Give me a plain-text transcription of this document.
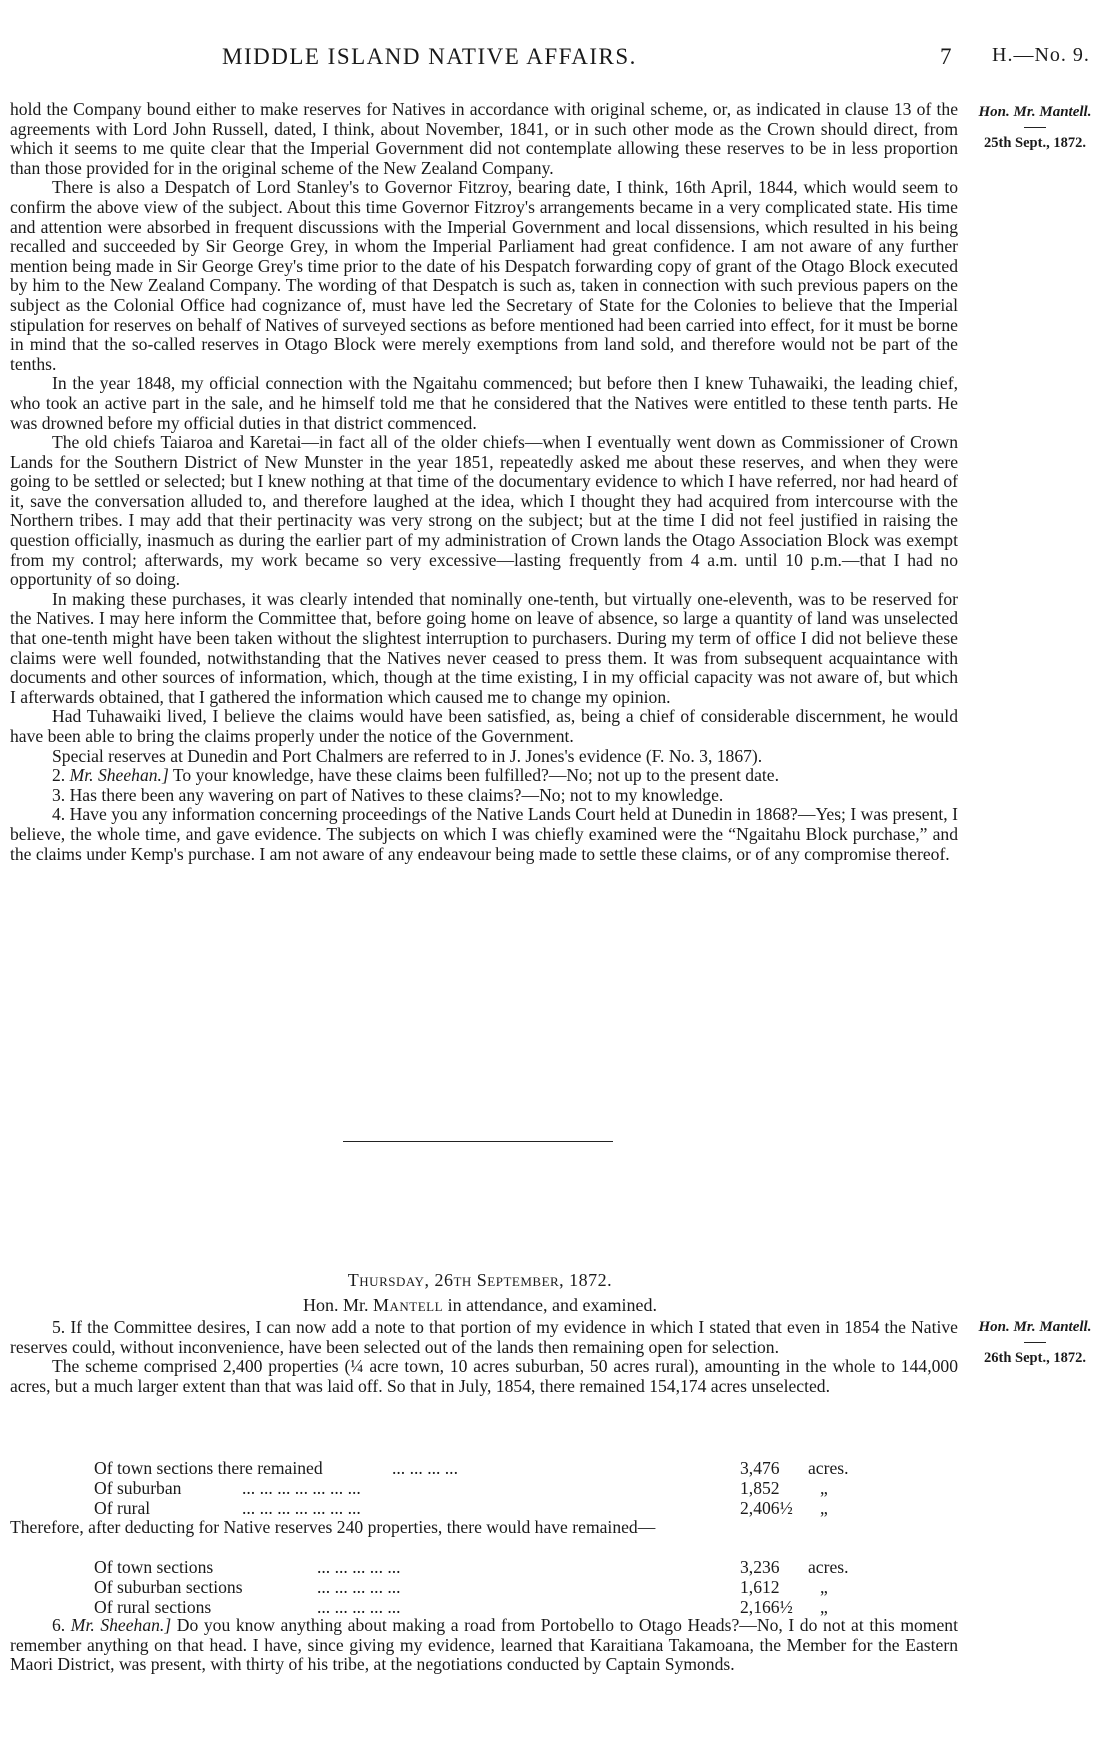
MIDDLE ISLAND NATIVE AFFAIRS.	7 H.—No. 9.
Hon. Mr. Mantell.
25th Sept., 1872.

hold the Company bound either to make reserves for Natives in accordance with original scheme, or, as indicated in clause 13 of the agreements with Lord John Russell, dated, I think, about November, 1841, or in such other mode as the Crown should direct, from which it seems to me quite clear that the Imperial Government did not contemplate allowing these reserves to be in less proportion than those provided for in the original scheme of the New Zealand Company.

There is also a Despatch of Lord Stanley's to Governor Fitzroy, bearing date, I think, 16th April, 1844, which would seem to confirm the above view of the subject. About this time Governor Fitzroy's arrangements became in a very complicated state. His time and attention were absorbed in frequent discussions with the Imperial Government and local dissensions, which resulted in his being recalled and succeeded by Sir George Grey, in whom the Imperial Parliament had great confidence. I am not aware of any further mention being made in Sir George Grey's time prior to the date of his Despatch forwarding copy of grant of the Otago Block executed by him to the New Zealand Company. The wording of that Despatch is such as, taken in connection with such previous papers on the subject as the Colonial Office had cognizance of, must have led the Secretary of State for the Colonies to believe that the Imperial stipulation for reserves on behalf of Natives of surveyed sections as before mentioned had been carried into effect, for it must be borne in mind that the so-called reserves in Otago Block were merely exemptions from land sold, and therefore would not be part of the tenths.

In the year 1848, my official connection with the Ngaitahu commenced; but before then I knew Tuhawaiki, the leading chief, who took an active part in the sale, and he himself told me that he considered that the Natives were entitled to these tenth parts. He was drowned before my official duties in that district commenced.

The old chiefs Taiaroa and Karetai—in fact all of the older chiefs—when I eventually went down as Commissioner of Crown Lands for the Southern District of New Munster in the year 1851, repeatedly asked me about these reserves, and when they were going to be settled or selected; but I knew nothing at that time of the documentary evidence to which I have referred, nor had heard of it, save the conversation alluded to, and therefore laughed at the idea, which I thought they had acquired from intercourse with the Northern tribes. I may add that their pertinacity was very strong on the subject; but at the time I did not feel justified in raising the question officially, inasmuch as during the earlier part of my administration of Crown lands the Otago Association Block was exempt from my control; afterwards, my work became so very excessive—lasting frequently from 4 a.m. until 10 p.m.—that I had no opportunity of so doing.

In making these purchases, it was clearly intended that nominally one-tenth, but virtually one-eleventh, was to be reserved for the Natives. I may here inform the Committee that, before going home on leave of absence, so large a quantity of land was unselected that one-tenth might have been taken without the slightest interruption to purchasers. During my term of office I did not believe these claims were well founded, notwithstanding that the Natives never ceased to press them. It was from subsequent acquaintance with documents and other sources of information, which, though at the time existing, I in my official capacity was not aware of, but which I afterwards obtained, that I gathered the information which caused me to change my opinion.

Had Tuhawaiki lived, I believe the claims would have been satisfied, as, being a chief of considerable discernment, he would have been able to bring the claims properly under the notice of the Government.

Special reserves at Dunedin and Port Chalmers are referred to in J. Jones's evidence (F. No. 3, 1867).

2. Mr. Sheehan.] To your knowledge, have these claims been fulfilled?—No; not up to the present date.

3. Has there been any wavering on part of Natives to these claims?—No; not to my knowledge.

4. Have you any information concerning proceedings of the Native Lands Court held at Dunedin in 1868?—Yes; I was present, I believe, the whole time, and gave evidence. The subjects on which I was chiefly examined were the “Ngaitahu Block purchase,” and the claims under Kemp's purchase. I am not aware of any endeavour being made to settle these claims, or of any compromise thereof.

Thursday, 26th September, 1872.
Hon. Mr. Mantell in attendance, and examined.
Hon. Mr. Mantell.
26th Sept., 1872.

5. If the Committee desires, I can now add a note to that portion of my evidence in which I stated that even in 1854 the Native reserves could, without inconvenience, have been selected out of the lands then remaining open for selection.

The scheme comprised 2,400 properties (¼ acre town, 10 acres suburban, 50 acres rural), amounting in the whole to 144,000 acres, but a much larger extent than that was laid off. So that in July, 1854, there remained 154,174 acres unselected.

Of town sections there remained	... ... ... ...	3,476 acres.
Of suburban	... ... ... ... ... ... ...	1,852 „
Of rural	... ... ... ... ... ... ...	2,406½ „
Therefore, after deducting for Native reserves 240 properties, there would have remained—
Of town sections	... ... ... ... ...	3,236 acres.
Of suburban sections	... ... ... ... ...	1,612 „
Of rural sections	... ... ... ... ...	2,166½ „

6. Mr. Sheehan.] Do you know anything about making a road from Portobello to Otago Heads?—No, I do not at this moment remember anything on that head. I have, since giving my evidence, learned that Karaitiana Takamoana, the Member for the Eastern Maori District, was present, with thirty of his tribe, at the negotiations conducted by Captain Symonds.
